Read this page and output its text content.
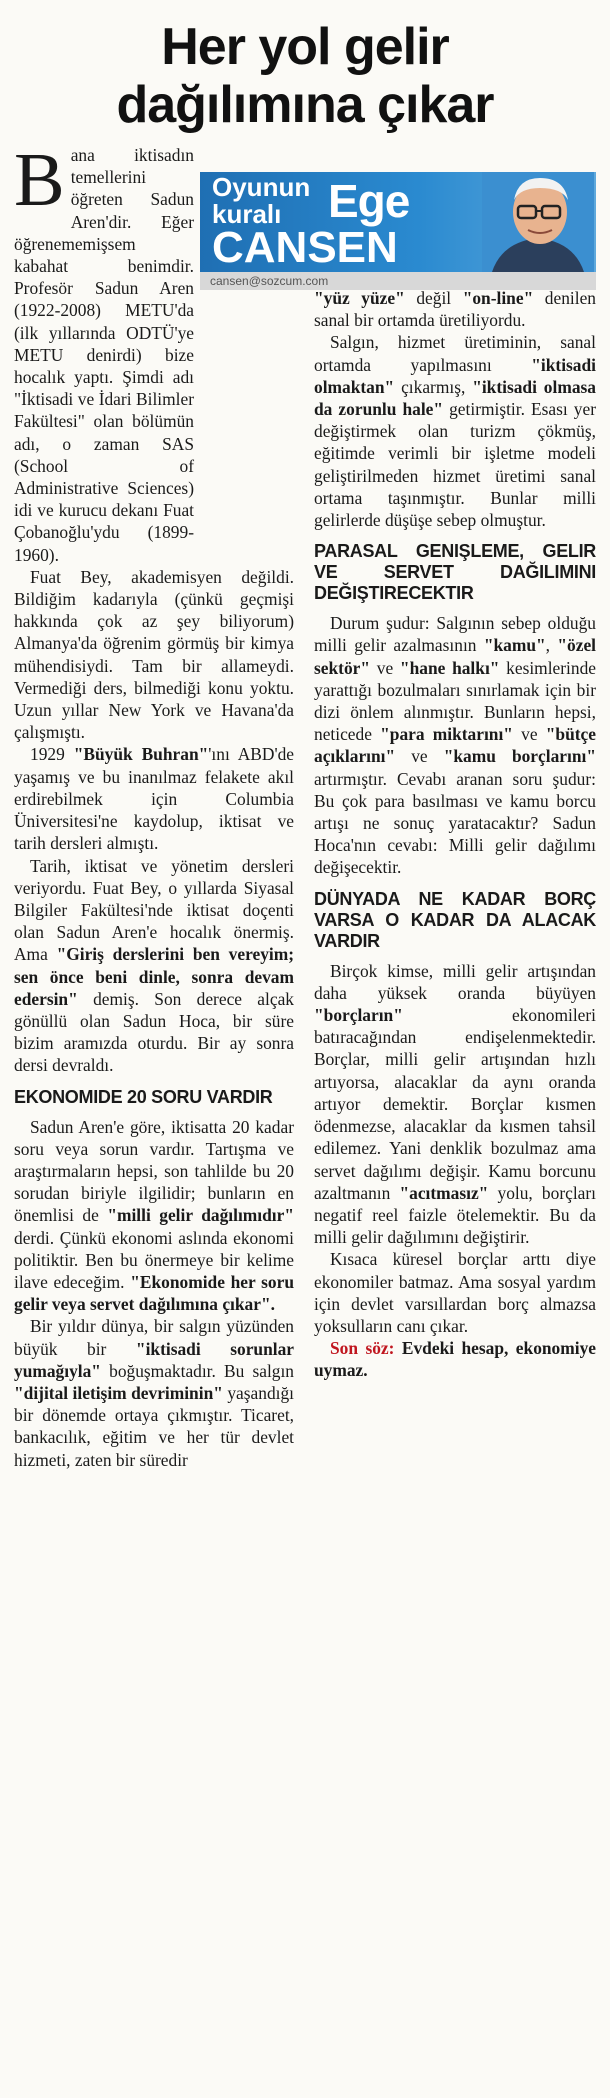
Her yol gelir
dağılımına çıkar
Oyunun
kuralı	Ege
CANSEN
cansen@sozcum.com

B ana iktisadın temellerini öğreten Sadun Aren'dir. Eğer öğrenememişsem kabahat benimdir. Profesör Sadun Aren (1922-2008) METU'da (ilk yıllarında ODTÜ'ye METU denirdi) bize hocalık yaptı. Şimdi adı "İktisadi ve İdari Bilimler Fakültesi" olan bölümün adı, o zaman SAS (School of Administrative Sciences) idi ve kurucu dekanı Fuat Çobanoğlu'ydu (1899-1960).

Fuat Bey, akademisyen değildi. Bildiğim kadarıyla (çünkü geçmişi hakkında çok az şey biliyorum) Almanya'da öğrenim görmüş bir kimya mühendisiydi. Tam bir allameydi. Vermediği ders, bilmediği konu yoktu. Uzun yıllar New York ve Havana'da çalışmıştı.

1929 "Büyük Buhran"'ını ABD'de yaşamış ve bu inanılmaz felakete akıl erdirebilmek için Columbia Üniversitesi'ne kaydolup, iktisat ve tarih dersleri almıştı.

Tarih, iktisat ve yönetim dersleri veriyordu. Fuat Bey, o yıllarda Siyasal Bilgiler Fakültesi'nde iktisat doçenti olan Sadun Aren'e hocalık önermiş. Ama "Giriş derslerini ben vereyim; sen önce beni dinle, sonra devam edersin" demiş. Son derece alçak gönüllü olan Sadun Hoca, bir süre bizim aramızda oturdu. Bir ay sonra dersi devraldı.

EKONOMIDE 20 SORU VARDIR

Sadun Aren'e göre, iktisatta 20 kadar soru veya sorun vardır. Tartışma ve araştırmaların hepsi, son tahlilde bu 20 sorudan biriyle ilgilidir; bunların en önemlisi de "milli gelir dağılımıdır" derdi. Çünkü ekonomi aslında ekonomi politiktir. Ben bu önermeye bir kelime ilave edeceğim. "Ekonomide her soru gelir veya servet dağılımına çıkar".

Bir yıldır dünya, bir salgın yüzünden büyük bir "iktisadi sorunlar yumağıyla" boğuşmaktadır. Bu salgın "dijital iletişim devriminin" yaşandığı bir dönemde ortaya çıkmıştır. Ticaret, bankacılık, eğitim ve her tür devlet hizmeti, zaten bir süredir

"yüz yüze" değil "on-line" denilen sanal bir ortamda üretiliyordu.

Salgın, hizmet üretiminin, sanal ortamda yapılmasını "iktisadi olmaktan" çıkarmış, "iktisadi olmasa da zorunlu hale" getirmiştir. Esası yer değiştirmek olan turizm çökmüş, eğitimde verimli bir işletme modeli geliştirilmeden hizmet üretimi sanal ortama taşınmıştır. Bunlar milli gelirlerde düşüşe sebep olmuştur.

PARASAL GENIŞLEME, GELIR VE SERVET DAĞILIMINI DEĞIŞTIRECEKTIR

Durum şudur: Salgının sebep olduğu milli gelir azalmasının "kamu", "özel sektör" ve "hane halkı" kesimlerinde yarattığı bozulmaları sınırlamak için bir dizi önlem alınmıştır. Bunların hepsi, neticede "para miktarını" ve "bütçe açıklarını" ve "kamu borçlarını" artırmıştır. Cevabı aranan soru şudur: Bu çok para basılması ve kamu borcu artışı ne sonuç yaratacaktır? Sadun Hoca'nın cevabı: Milli gelir dağılımı değişecektir.

DÜNYADA NE KADAR BORÇ VARSA O KADAR DA ALACAK VARDIR

Birçok kimse, milli gelir artışından daha yüksek oranda büyüyen "borçların" ekonomileri batıracağından endişelenmektedir. Borçlar, milli gelir artışından hızlı artıyorsa, alacaklar da aynı oranda artıyor demektir. Borçlar kısmen ödenmezse, alacaklar da kısmen tahsil edilemez. Yani denklik bozulmaz ama servet dağılımı değişir. Kamu borcunu azaltmanın "acıtmasız" yolu, borçları negatif reel faizle ötelemektir. Bu da milli gelir dağılımını değiştirir.

Kısaca küresel borçlar arttı diye ekonomiler batmaz. Ama sosyal yardım için devlet varsıllardan borç almazsa yoksulların canı çıkar.

Son söz: Evdeki hesap, ekonomiye uymaz.
